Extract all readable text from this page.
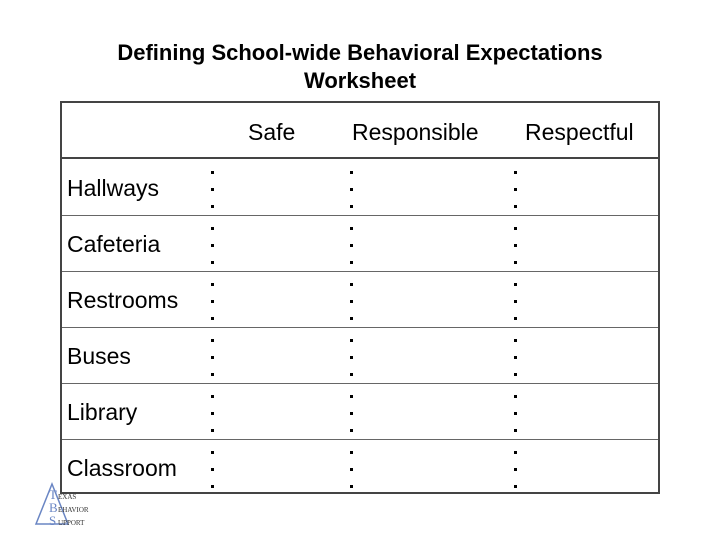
Defining School-wide Behavioral Expectations
Worksheet
Safe Responsible Respectful
Hallways
Cafeteria
Restrooms
Buses
Library
Classroom
T
B
S
EXAS
EHAVIOR
UPPORT
